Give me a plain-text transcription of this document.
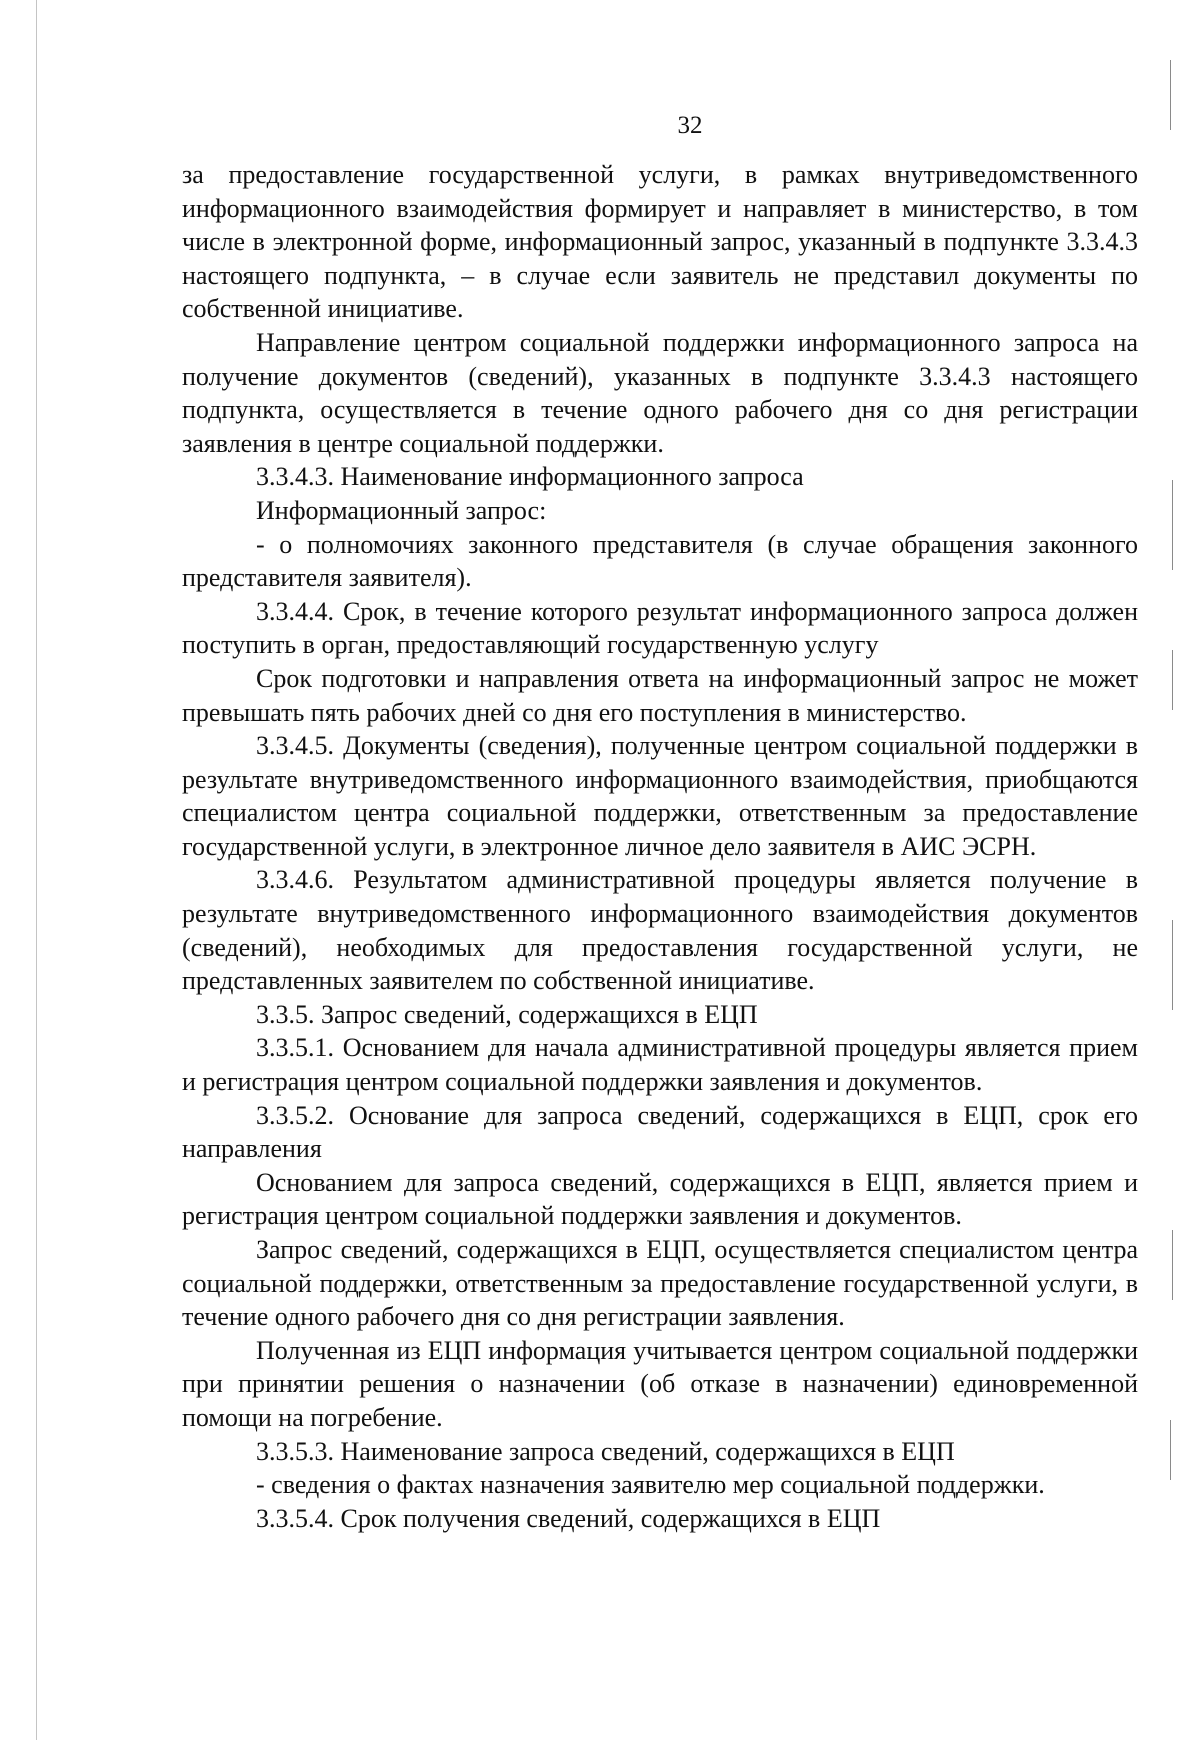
32

за предоставление государственной услуги, в рамках внутриведомственного информационного взаимодействия формирует и направляет в министерство, в том числе в электронной форме, информационный запрос, указанный в подпункте 3.3.4.3 настоящего подпункта, – в случае если заявитель не представил документы по собственной инициативе.

Направление центром социальной поддержки информационного запроса на получение документов (сведений), указанных в подпункте 3.3.4.3 настоящего подпункта, осуществляется в течение одного рабочего дня со дня регистрации заявления в центре социальной поддержки.

3.3.4.3. Наименование информационного запроса

Информационный запрос:

- о полномочиях законного представителя (в случае обращения законного представителя заявителя).

3.3.4.4. Срок, в течение которого результат информационного запроса должен поступить в орган, предоставляющий государственную услугу

Срок подготовки и направления ответа на информационный запрос не может превышать пять рабочих дней со дня его поступления в министерство.

3.3.4.5. Документы (сведения), полученные центром социальной поддержки в результате внутриведомственного информационного взаимодействия, приобщаются специалистом центра социальной поддержки, ответственным за предоставление государственной услуги, в электронное личное дело заявителя в АИС ЭСРН.

3.3.4.6. Результатом административной процедуры является получение в результате внутриведомственного информационного взаимодействия документов (сведений), необходимых для предоставления государственной услуги, не представленных заявителем по собственной инициативе.

3.3.5. Запрос сведений, содержащихся в ЕЦП

3.3.5.1. Основанием для начала административной процедуры является прием и регистрация центром социальной поддержки заявления и документов.

3.3.5.2. Основание для запроса сведений, содержащихся в ЕЦП, срок его направления

Основанием для запроса сведений, содержащихся в ЕЦП, является прием и регистрация центром социальной поддержки заявления и документов.

Запрос сведений, содержащихся в ЕЦП, осуществляется специалистом центра социальной поддержки, ответственным за предоставление государственной услуги, в течение одного рабочего дня со дня регистрации заявления.

Полученная из ЕЦП информация учитывается центром социальной поддержки при принятии решения о назначении (об отказе в назначении) единовременной помощи на погребение.

3.3.5.3. Наименование запроса сведений, содержащихся в ЕЦП

- сведения о фактах назначения заявителю мер социальной поддержки.

3.3.5.4. Срок получения сведений, содержащихся в ЕЦП
